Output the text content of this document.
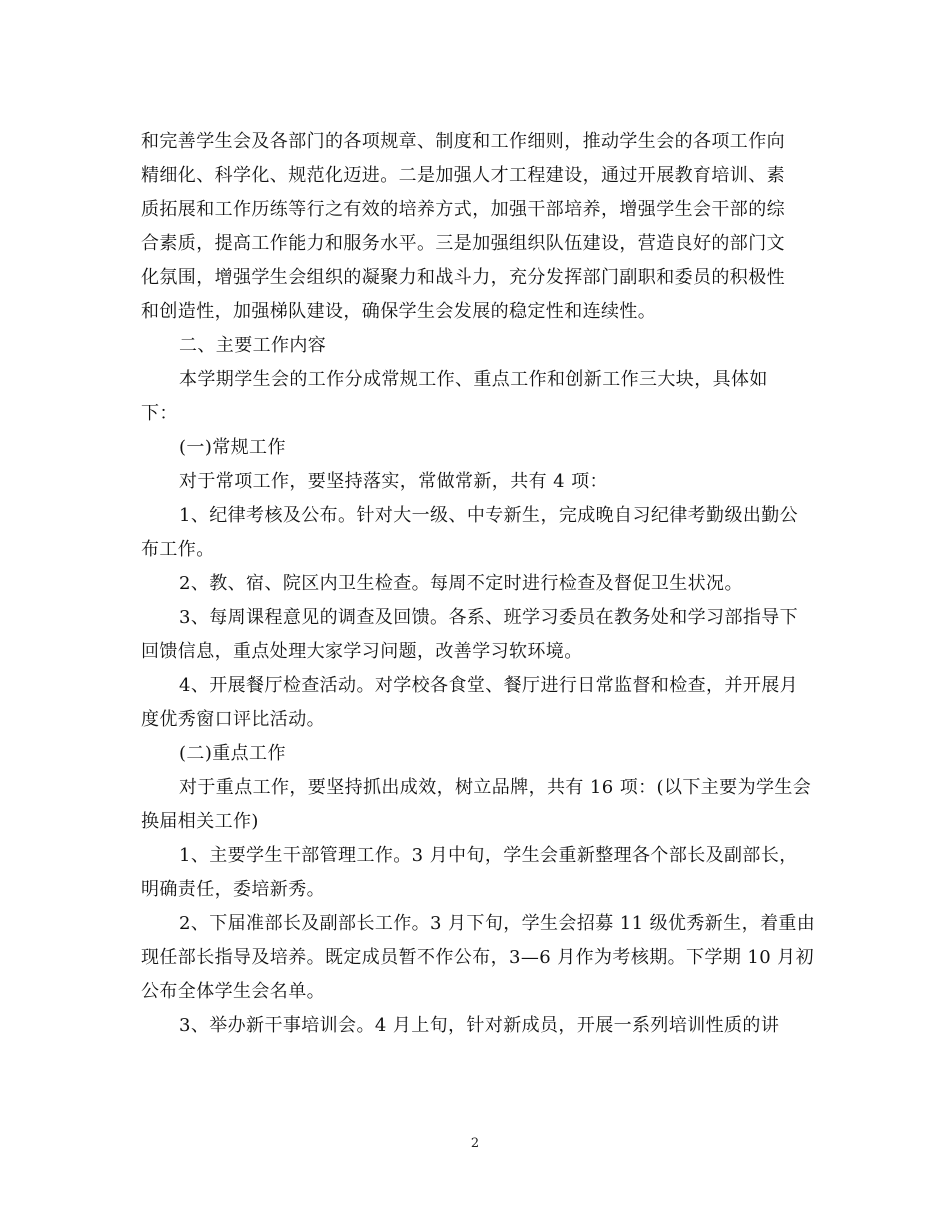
和完善学生会及各部门的各项规章、制度和工作细则，推动学生会的各项工作向
精细化、科学化、规范化迈进。二是加强人才工程建设，通过开展教育培训、素
质拓展和工作历练等行之有效的培养方式，加强干部培养，增强学生会干部的综
合素质，提高工作能力和服务水平。三是加强组织队伍建设，营造良好的部门文
化氛围，增强学生会组织的凝聚力和战斗力，充分发挥部门副职和委员的积极性
和创造性，加强梯队建设，确保学生会发展的稳定性和连续性。
二、主要工作内容
本学期学生会的工作分成常规工作、重点工作和创新工作三大块，具体如
下：
(一)常规工作
对于常项工作，要坚持落实，常做常新，共有 4 项：
1、纪律考核及公布。针对大一级、中专新生，完成晚自习纪律考勤级出勤公
布工作。
2、教、宿、院区内卫生检查。每周不定时进行检查及督促卫生状况。
3、每周课程意见的调查及回馈。各系、班学习委员在教务处和学习部指导下
回馈信息，重点处理大家学习问题，改善学习软环境。
4、开展餐厅检查活动。对学校各食堂、餐厅进行日常监督和检查，并开展月
度优秀窗口评比活动。
(二)重点工作
对于重点工作，要坚持抓出成效，树立品牌，共有 16 项：(以下主要为学生会
换届相关工作)
1、主要学生干部管理工作。3 月中旬，学生会重新整理各个部长及副部长，
明确责任，委培新秀。
2、下届准部长及副部长工作。3 月下旬，学生会招募 11 级优秀新生，着重由
现任部长指导及培养。既定成员暂不作公布，3—6 月作为考核期。下学期 10 月初
公布全体学生会名单。
3、举办新干事培训会。4 月上旬，针对新成员，开展一系列培训性质的讲
2
